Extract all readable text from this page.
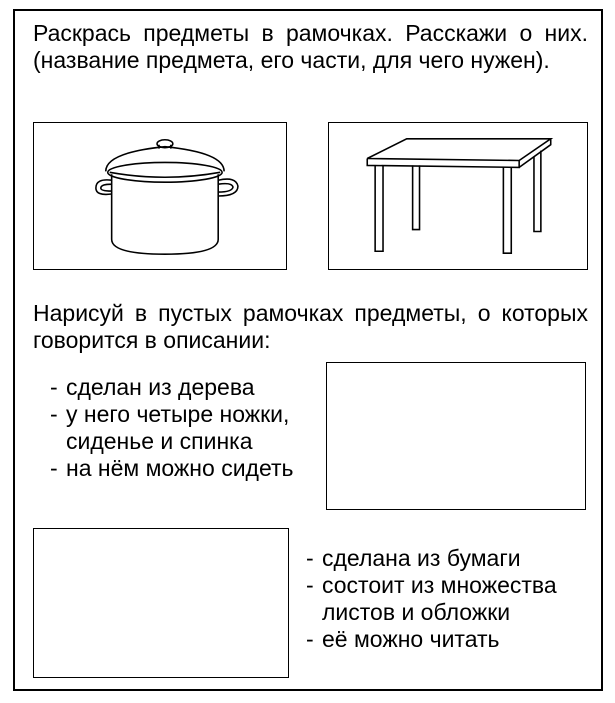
Раскрась предметы в рамочках. Расскажи о них. (название предмета, его части, для чего нужен).

Нарисуй в пустых рамочках предметы, о которых говорится в описании:

- сделан из дерева
- у него четыре ножки,
сиденье и спинка
- на нём можно сидеть
- сделана из бумаги
- состоит из множества
листов и обложки
- её можно читать
